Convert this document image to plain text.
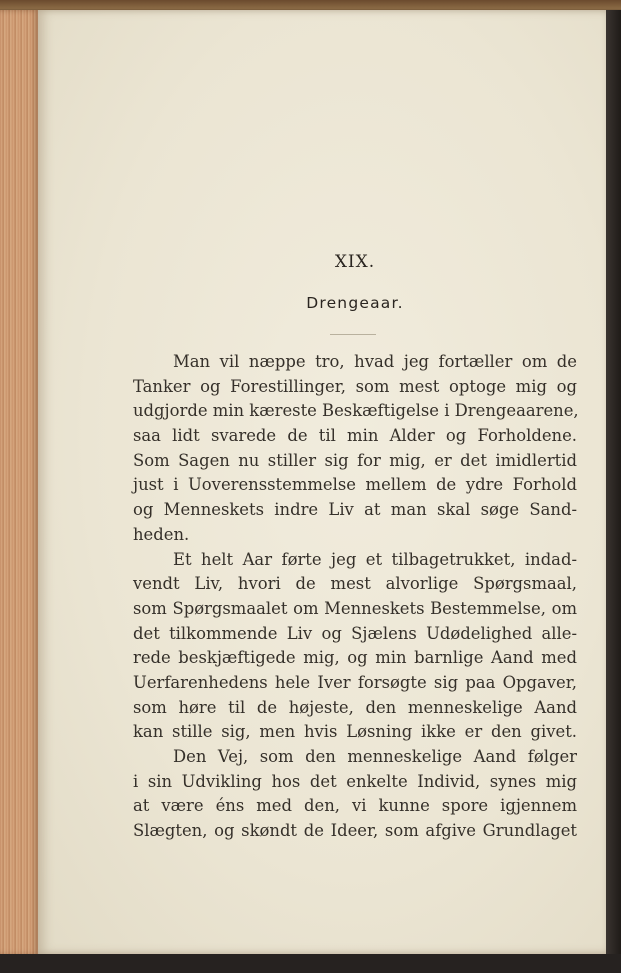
XIX.
Drengeaar.
Man vil næppe tro, hvad jeg fortæller om de
Tanker og Forestillinger, som mest optoge mig og
udgjorde min kæreste Beskæftigelse i Drengeaarene,
saa lidt svarede de til min Alder og Forholdene.
Som Sagen nu stiller sig for mig, er det imidlertid
just i Uoverensstemmelse mellem de ydre Forhold
og Menneskets indre Liv at man skal søge Sand-
heden.
Et helt Aar førte jeg et tilbagetrukket, indad-
vendt Liv, hvori de mest alvorlige Spørgsmaal,
som Spørgsmaalet om Menneskets Bestemmelse, om
det tilkommende Liv og Sjælens Udødelighed alle-
rede beskjæftigede mig, og min barnlige Aand med
Uerfarenhedens hele Iver forsøgte sig paa Opgaver,
som høre til de højeste, den menneskelige Aand
kan stille sig, men hvis Løsning ikke er den givet.
Den Vej, som den menneskelige Aand følger
i sin Udvikling hos det enkelte Individ, synes mig
at være éns med den, vi kunne spore igjennem
Slægten, og skøndt de Ideer, som afgive Grundlaget
